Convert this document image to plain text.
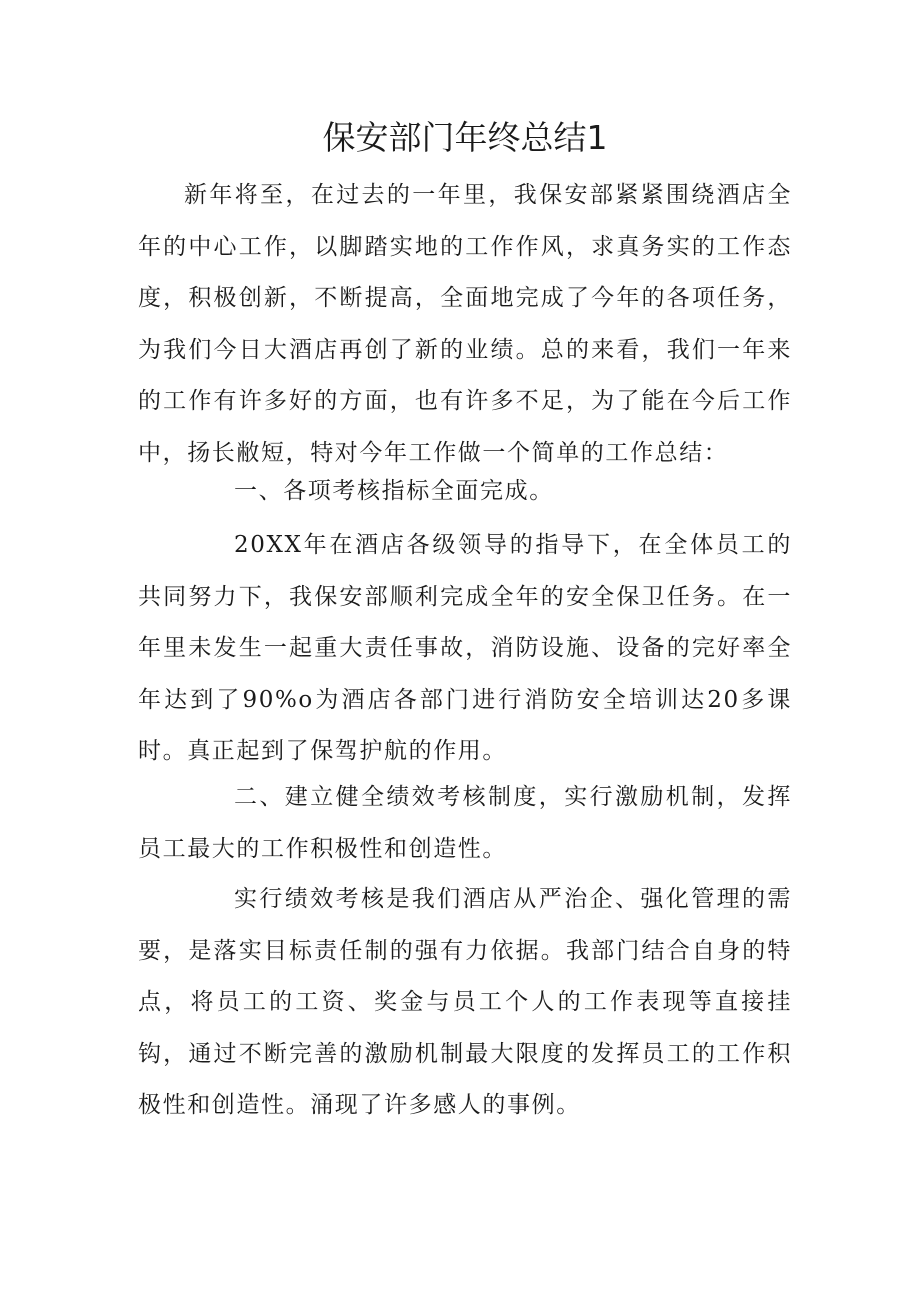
保安部门年终总结1

新年将至，在过去的一年里，我保安部紧紧围绕酒店全年的中心工作，以脚踏实地的工作作风，求真务实的工作态度，积极创新，不断提高，全面地完成了今年的各项任务，为我们今日大酒店再创了新的业绩。总的来看，我们一年来的工作有许多好的方面，也有许多不足，为了能在今后工作中，扬长敝短，特对今年工作做一个简单的工作总结：

一、各项考核指标全面完成。

20XX年在酒店各级领导的指导下，在全体员工的共同努力下，我保安部顺利完成全年的安全保卫任务。在一年里未发生一起重大责任事故，消防设施、设备的完好率全年达到了90%o为酒店各部门进行消防安全培训达20多课时。真正起到了保驾护航的作用。

二、建立健全绩效考核制度，实行激励机制，发挥员工最大的工作积极性和创造性。

实行绩效考核是我们酒店从严治企、强化管理的需要，是落实目标责任制的强有力依据。我部门结合自身的特点，将员工的工资、奖金与员工个人的工作表现等直接挂钩，通过不断完善的激励机制最大限度的发挥员工的工作积极性和创造性。涌现了许多感人的事例。
